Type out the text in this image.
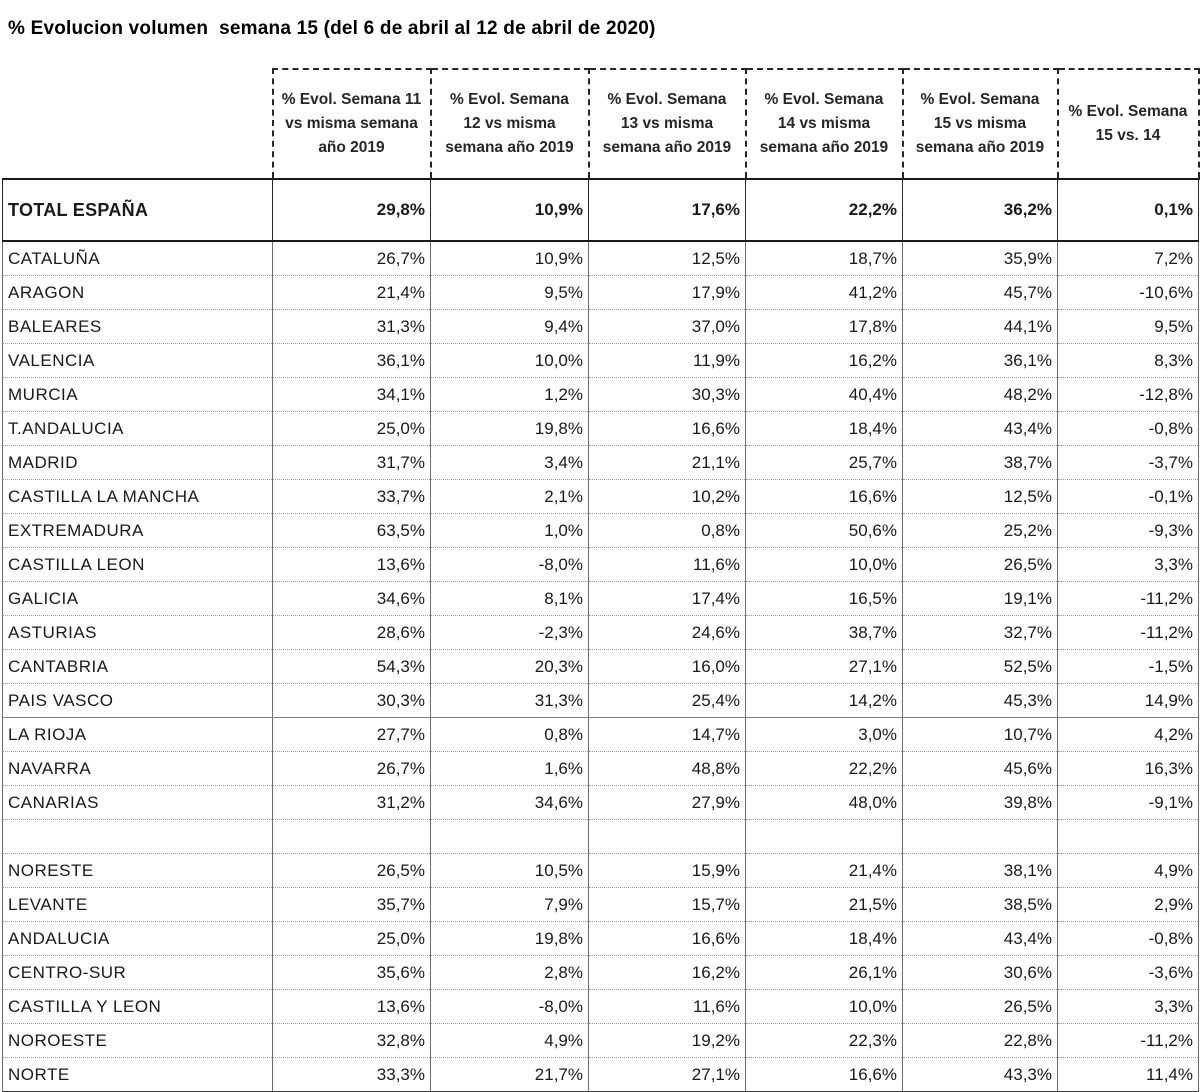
% Evolucion volumen  semana 15 (del 6 de abril al 12 de abril de 2020)
	% Evol. Semana 11 vs misma semana año 2019	% Evol. Semana 12 vs misma semana año 2019	% Evol. Semana 13 vs misma semana año 2019	% Evol. Semana 14 vs misma semana año 2019	% Evol. Semana 15 vs misma semana año 2019	% Evol. Semana 15 vs. 14
TOTAL ESPAÑA	29,8%	10,9%	17,6%	22,2%	36,2%	0,1%
CATALUÑA	26,7%	10,9%	12,5%	18,7%	35,9%	7,2%
ARAGON	21,4%	9,5%	17,9%	41,2%	45,7%	-10,6%
BALEARES	31,3%	9,4%	37,0%	17,8%	44,1%	9,5%
VALENCIA	36,1%	10,0%	11,9%	16,2%	36,1%	8,3%
MURCIA	34,1%	1,2%	30,3%	40,4%	48,2%	-12,8%
T.ANDALUCIA	25,0%	19,8%	16,6%	18,4%	43,4%	-0,8%
MADRID	31,7%	3,4%	21,1%	25,7%	38,7%	-3,7%
CASTILLA LA MANCHA	33,7%	2,1%	10,2%	16,6%	12,5%	-0,1%
EXTREMADURA	63,5%	1,0%	0,8%	50,6%	25,2%	-9,3%
CASTILLA LEON	13,6%	-8,0%	11,6%	10,0%	26,5%	3,3%
GALICIA	34,6%	8,1%	17,4%	16,5%	19,1%	-11,2%
ASTURIAS	28,6%	-2,3%	24,6%	38,7%	32,7%	-11,2%
CANTABRIA	54,3%	20,3%	16,0%	27,1%	52,5%	-1,5%
PAIS VASCO	30,3%	31,3%	25,4%	14,2%	45,3%	14,9%
LA RIOJA	27,7%	0,8%	14,7%	3,0%	10,7%	4,2%
NAVARRA	26,7%	1,6%	48,8%	22,2%	45,6%	16,3%
CANARIAS	31,2%	34,6%	27,9%	48,0%	39,8%	-9,1%

NORESTE	26,5%	10,5%	15,9%	21,4%	38,1%	4,9%
LEVANTE	35,7%	7,9%	15,7%	21,5%	38,5%	2,9%
ANDALUCIA	25,0%	19,8%	16,6%	18,4%	43,4%	-0,8%
CENTRO-SUR	35,6%	2,8%	16,2%	26,1%	30,6%	-3,6%
CASTILLA Y LEON	13,6%	-8,0%	11,6%	10,0%	26,5%	3,3%
NOROESTE	32,8%	4,9%	19,2%	22,3%	22,8%	-11,2%
NORTE	33,3%	21,7%	27,1%	16,6%	43,3%	11,4%
